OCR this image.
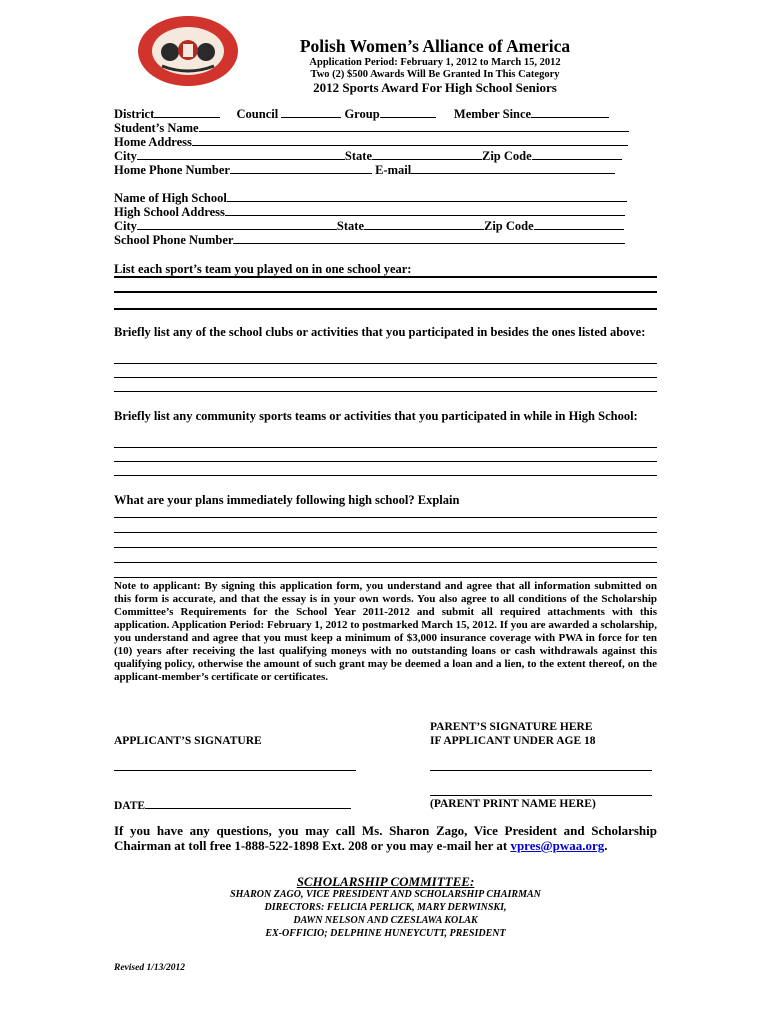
Polish Women’s Alliance of America
Application Period: February 1, 2012 to March 15, 2012
Two (2) $500 Awards Will Be Granted In This Category
2012 Sports Award For High School Seniors
District	Council	Group	Member Since
Student’s Name
Home Address
City	State	Zip Code
Home Phone Number	E-mail
Name of High School
High School Address
City	State	Zip Code
School Phone Number
List each sport’s team you played on in one school year:
Briefly list any of the school clubs or activities that you participated in besides the ones listed above:
Briefly list any community sports teams or activities that you participated in while in High School:
What are your plans immediately following high school? Explain
Note to applicant: By signing this application form, you understand and agree that all information submitted on this form is accurate, and that the essay is in your own words. You also agree to all conditions of the Scholarship Committee’s Requirements for the School Year 2011-2012 and submit all required attachments with this application. Application Period: February 1, 2012 to postmarked March 15, 2012. If you are awarded a scholarship, you understand and agree that you must keep a minimum of $3,000 insurance coverage with PWA in force for ten (10) years after receiving the last qualifying moneys with no outstanding loans or cash withdrawals against this qualifying policy, otherwise the amount of such grant may be deemed a loan and a lien, to the extent thereof, on the applicant-member’s certificate or certificates.
PARENT’S SIGNATURE HERE
IF APPLICANT UNDER AGE 18
APPLICANT’S SIGNATURE
DATE	(PARENT PRINT NAME HERE)
If you have any questions, you may call Ms. Sharon Zago, Vice President and Scholarship Chairman at toll free 1-888-522-1898 Ext. 208 or you may e-mail her at vpres@pwaa.org.
SCHOLARSHIP COMMITTEE:
SHARON ZAGO, VICE PRESIDENT AND SCHOLARSHIP CHAIRMAN
DIRECTORS: FELICIA PERLICK, MARY DERWINSKI,
DAWN NELSON AND CZESLAWA KOLAK
EX-OFFICIO; DELPHINE HUNEYCUTT, PRESIDENT
Revised 1/13/2012
